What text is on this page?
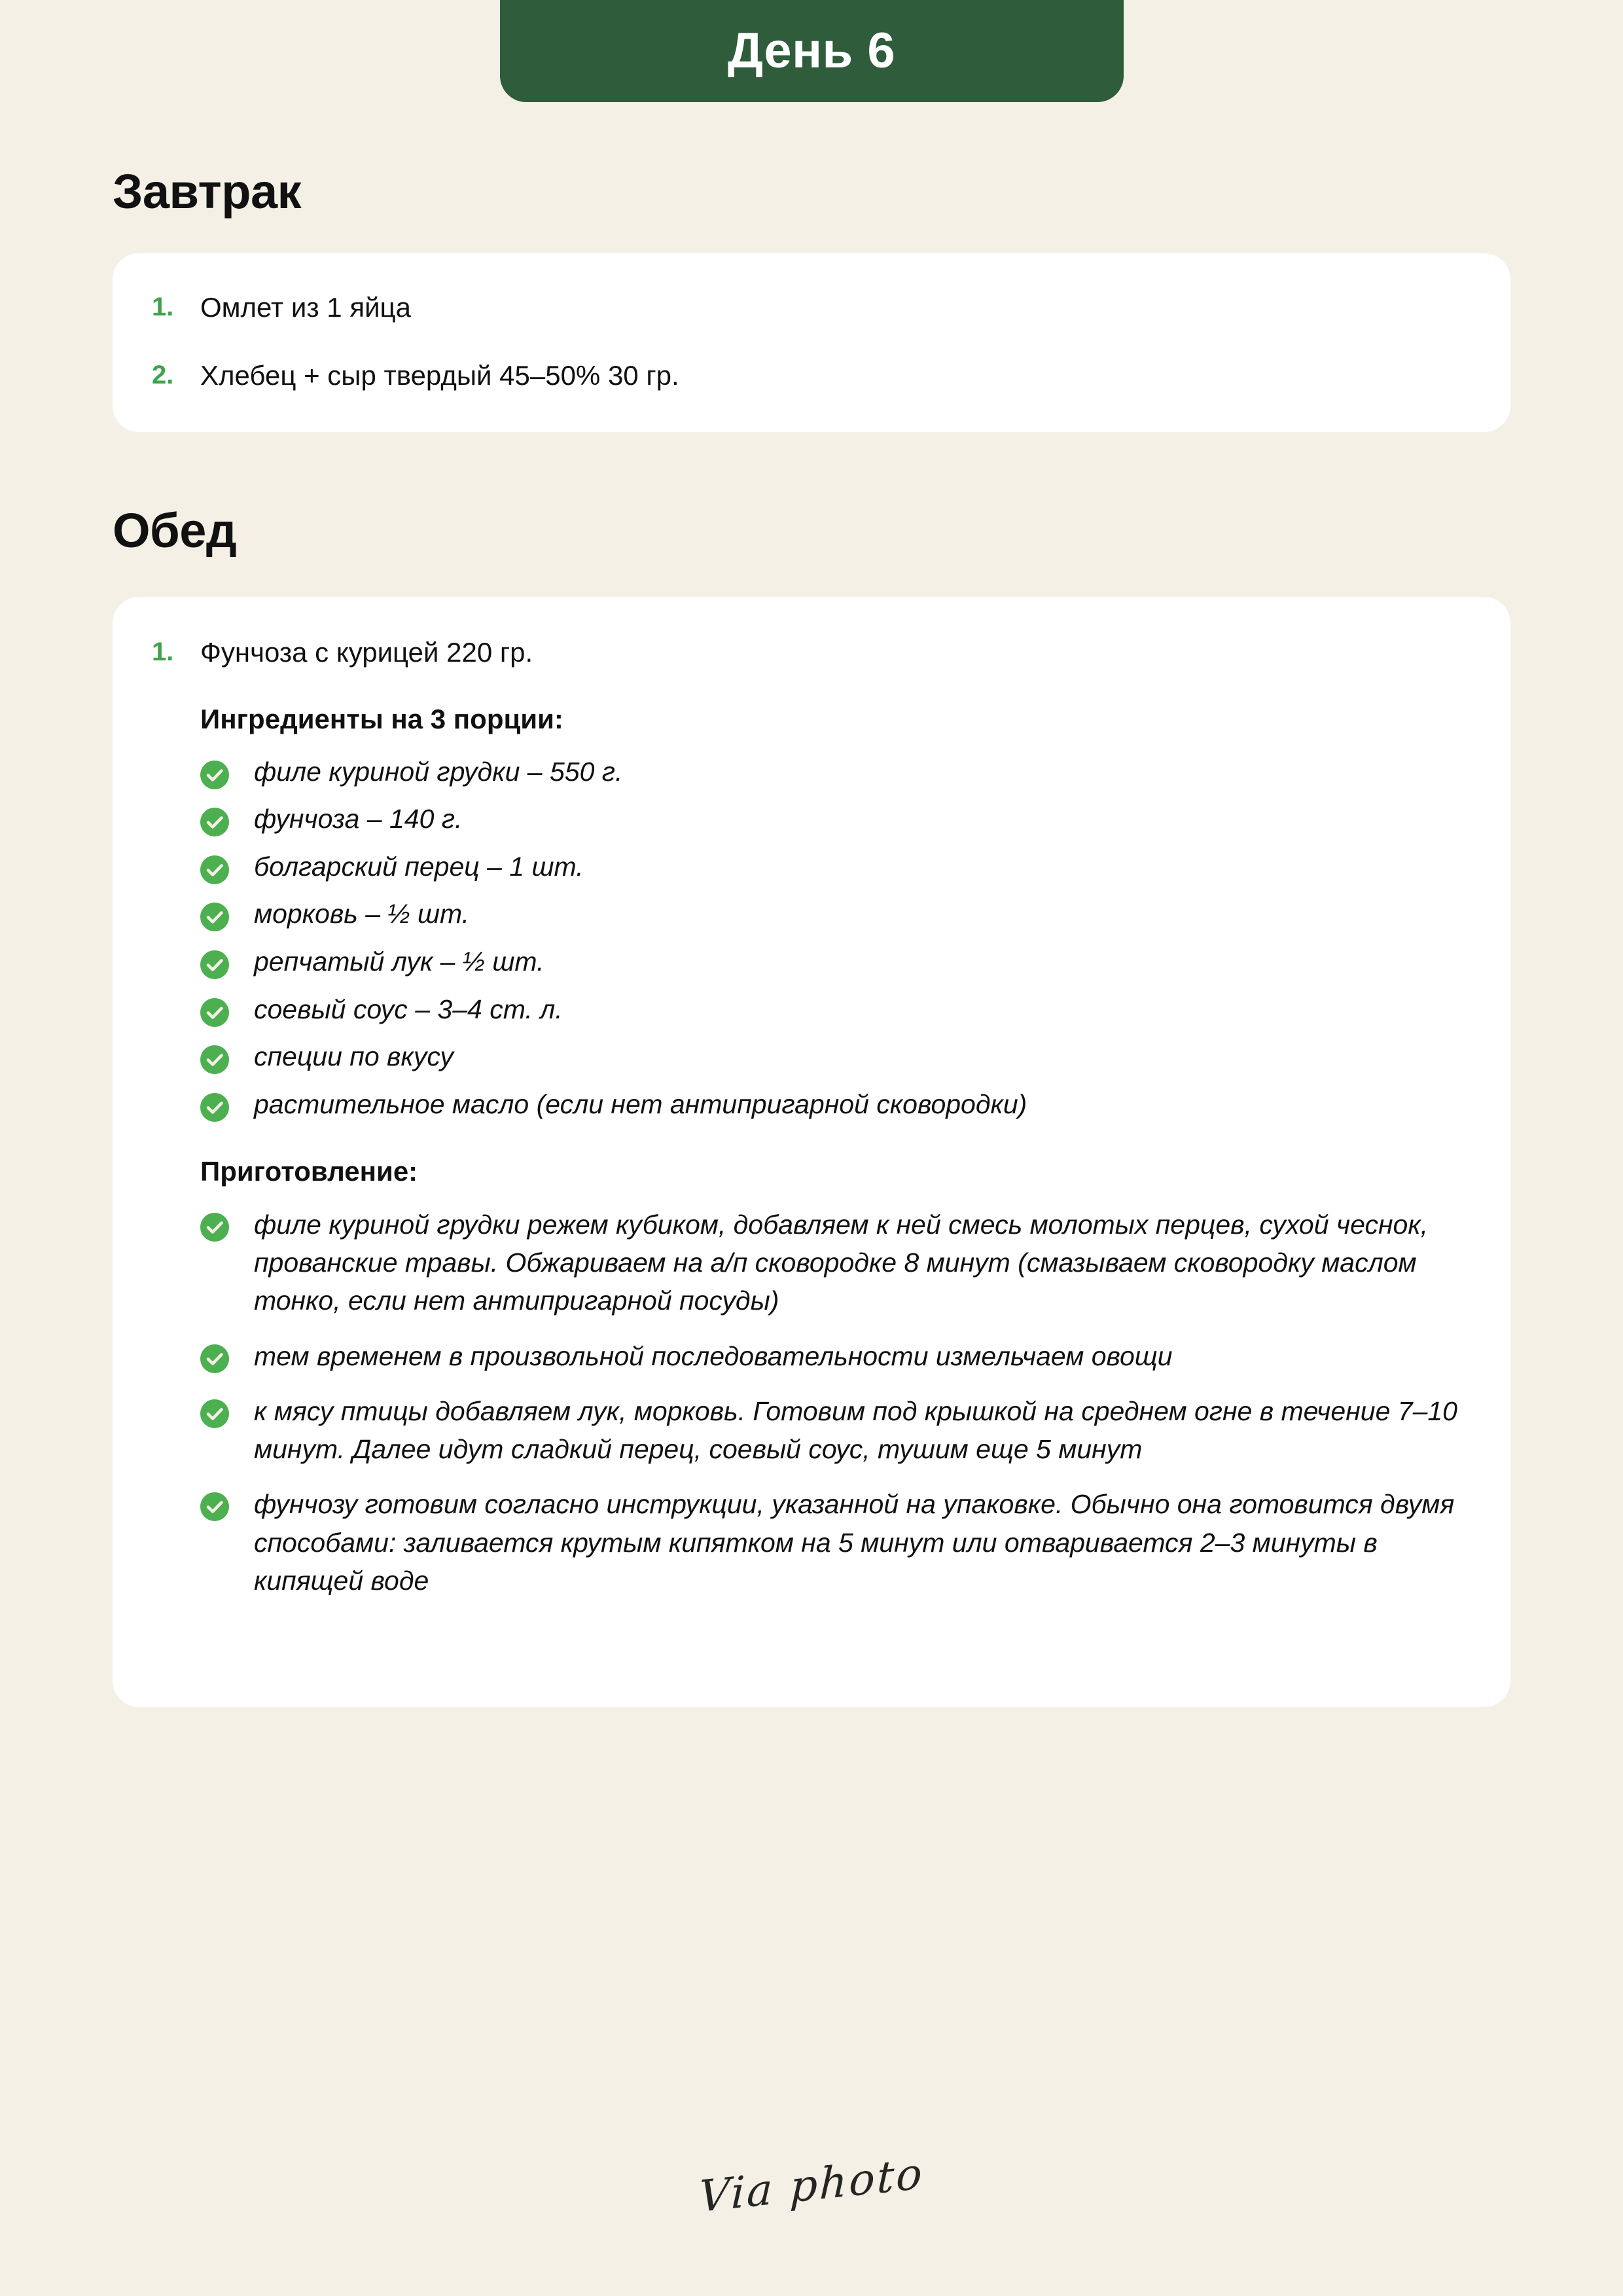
День 6
Завтрак
1. Омлет из 1 яйца
2. Хлебец + сыр твердый 45–50% 30 гр.
Обед
1. Фунчоза с курицей 220 гр.
Ингредиенты на 3 порции:
филе куриной грудки – 550 г.
фунчоза – 140 г.
болгарский перец – 1 шт.
морковь – ½ шт.
репчатый лук – ½ шт.
соевый соус – 3–4 ст. л.
специи по вкусу
растительное масло (если нет антипригарной сковородки)
Приготовление:
филе куриной грудки режем кубиком, добавляем к ней смесь молотых перцев, сухой чеснок, прованские травы. Обжариваем на а/п сковородке 8 минут (смазываем сковородку маслом тонко, если нет антипригарной посуды)
тем временем в произвольной последовательности измельчаем овощи
к мясу птицы добавляем лук, морковь. Готовим под крышкой на среднем огне в течение 7–10 минут. Далее идут сладкий перец, соевый соус, тушим еще 5 минут
фунчозу готовим согласно инструкции, указанной на упаковке. Обычно она готовится двумя способами: заливается крутым кипятком на 5 минут или отваривается 2–3 минуты в кипящей воде
Via photo
